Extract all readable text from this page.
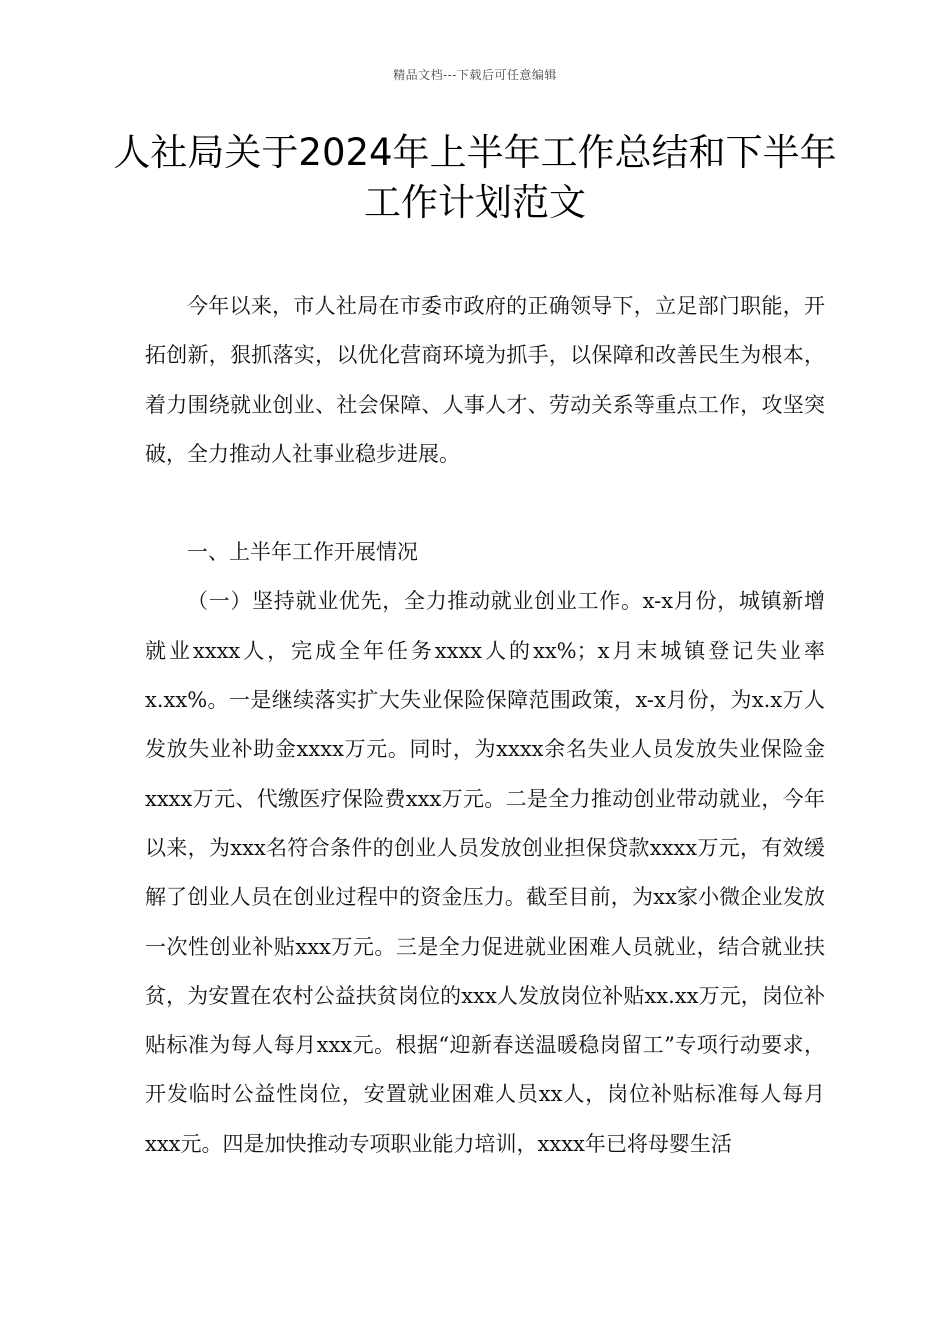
精品文档---下载后可任意编辑
人社局关于2024年上半年工作总结和下半年工作计划范文

今年以来，市人社局在市委市政府的正确领导下，立足部门职能，开拓创新，狠抓落实，以优化营商环境为抓手，以保障和改善民生为根本，着力围绕就业创业、社会保障、人事人才、劳动关系等重点工作，攻坚突破，全力推动人社事业稳步进展。

一、上半年工作开展情况

（一）坚持就业优先，全力推动就业创业工作。x-x月份，城镇新增就业xxxx人，完成全年任务xxxx人的xx%；x月末城镇登记失业率x.xx%。一是继续落实扩大失业保险保障范围政策，x-x月份，为x.x万人发放失业补助金xxxx万元。同时，为xxxx余名失业人员发放失业保险金xxxx万元、代缴医疗保险费xxx万元。二是全力推动创业带动就业，今年以来，为xxx名符合条件的创业人员发放创业担保贷款xxxx万元，有效缓解了创业人员在创业过程中的资金压力。截至目前，为xx家小微企业发放一次性创业补贴xxx万元。三是全力促进就业困难人员就业，结合就业扶贫，为安置在农村公益扶贫岗位的xxx人发放岗位补贴xx.xx万元，岗位补贴标准为每人每月xxx元。根据“迎新春送温暖稳岗留工”专项行动要求，开发临时公益性岗位，安置就业困难人员xx人，岗位补贴标准每人每月xxx元。四是加快推动专项职业能力培训，xxxx年已将母婴生活
